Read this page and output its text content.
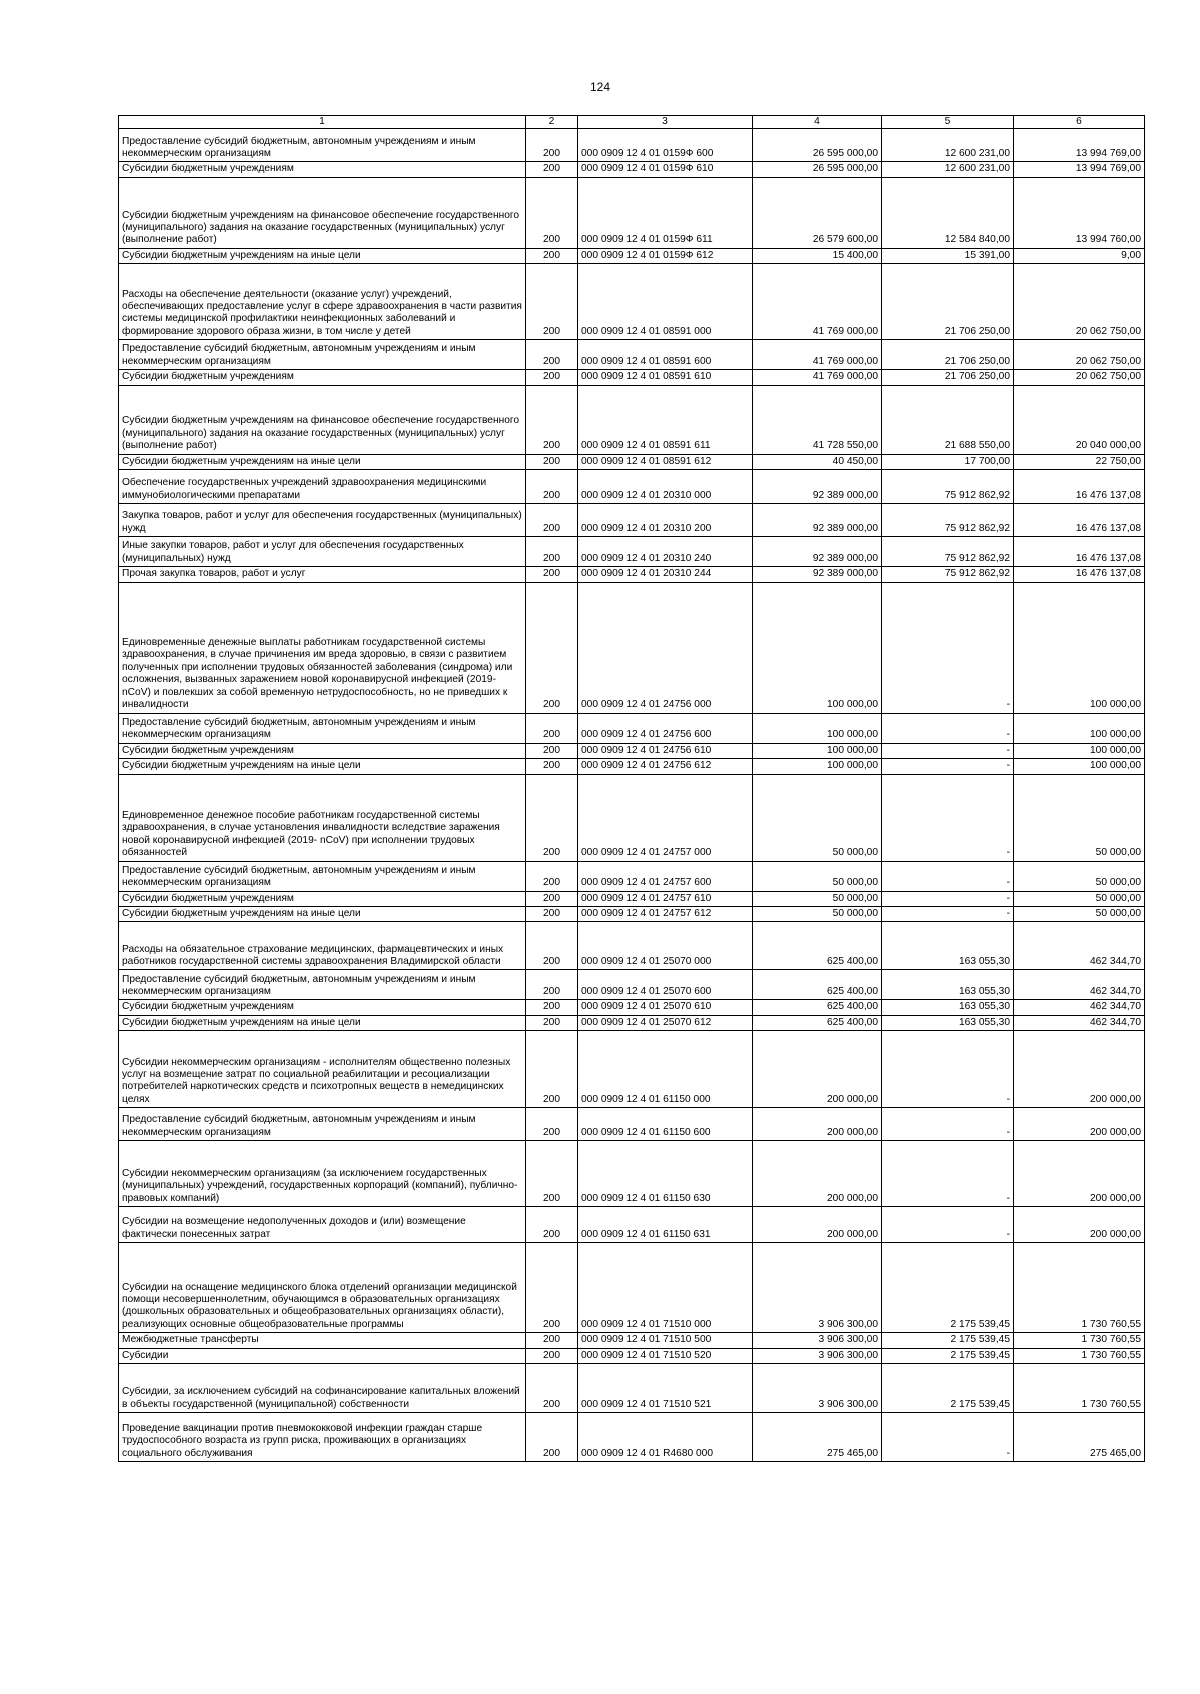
124
1	2	3	4	5	6
Предоставление субсидий бюджетным, автономным учреждениям и иным некоммерческим организациям	200	000 0909 12 4 01 0159Ф 600	26 595 000,00	12 600 231,00	13 994 769,00
Субсидии бюджетным учреждениям	200	000 0909 12 4 01 0159Ф 610	26 595 000,00	12 600 231,00	13 994 769,00
Субсидии бюджетным учреждениям на финансовое обеспечение государственного (муниципального) задания на оказание государственных (муниципальных) услуг (выполнение работ)	200	000 0909 12 4 01 0159Ф 611	26 579 600,00	12 584 840,00	13 994 760,00
Субсидии бюджетным учреждениям на иные цели	200	000 0909 12 4 01 0159Ф 612	15 400,00	15 391,00	9,00
Расходы на обеспечение деятельности (оказание услуг) учреждений, обеспечивающих предоставление услуг в сфере здравоохранения в части развития системы медицинской профилактики неинфекционных заболеваний и формирование здорового образа жизни, в том числе у детей	200	000 0909 12 4 01 08591 000	41 769 000,00	21 706 250,00	20 062 750,00
Предоставление субсидий бюджетным, автономным учреждениям и иным некоммерческим организациям	200	000 0909 12 4 01 08591 600	41 769 000,00	21 706 250,00	20 062 750,00
Субсидии бюджетным учреждениям	200	000 0909 12 4 01 08591 610	41 769 000,00	21 706 250,00	20 062 750,00
Субсидии бюджетным учреждениям на финансовое обеспечение государственного (муниципального) задания на оказание государственных (муниципальных) услуг (выполнение работ)	200	000 0909 12 4 01 08591 611	41 728 550,00	21 688 550,00	20 040 000,00
Субсидии бюджетным учреждениям на иные цели	200	000 0909 12 4 01 08591 612	40 450,00	17 700,00	22 750,00
Обеспечение государственных учреждений здравоохранения медицинскими иммунобиологическими препаратами	200	000 0909 12 4 01 20310 000	92 389 000,00	75 912 862,92	16 476 137,08
Закупка товаров, работ и услуг для обеспечения государственных (муниципальных) нужд	200	000 0909 12 4 01 20310 200	92 389 000,00	75 912 862,92	16 476 137,08
Иные закупки товаров, работ и услуг для обеспечения государственных (муниципальных) нужд	200	000 0909 12 4 01 20310 240	92 389 000,00	75 912 862,92	16 476 137,08
Прочая закупка товаров, работ и услуг	200	000 0909 12 4 01 20310 244	92 389 000,00	75 912 862,92	16 476 137,08
Единовременные денежные выплаты работникам государственной системы здравоохранения, в случае причинения им вреда здоровью, в связи с развитием полученных при исполнении трудовых обязанностей заболевания (синдрома) или осложнения, вызванных заражением новой коронавирусной инфекцией (2019- nCoV) и повлекших за собой временную нетрудоспособность, но не приведших к инвалидности	200	000 0909 12 4 01 24756 000	100 000,00	-	100 000,00
Предоставление субсидий бюджетным, автономным учреждениям и иным некоммерческим организациям	200	000 0909 12 4 01 24756 600	100 000,00	-	100 000,00
Субсидии бюджетным учреждениям	200	000 0909 12 4 01 24756 610	100 000,00	-	100 000,00
Субсидии бюджетным учреждениям на иные цели	200	000 0909 12 4 01 24756 612	100 000,00	-	100 000,00
Единовременное денежное пособие работникам государственной системы здравоохранения, в случае установления инвалидности вследствие заражения новой коронавирусной инфекцией (2019- nCoV) при исполнении трудовых обязанностей	200	000 0909 12 4 01 24757 000	50 000,00	-	50 000,00
Предоставление субсидий бюджетным, автономным учреждениям и иным некоммерческим организациям	200	000 0909 12 4 01 24757 600	50 000,00	-	50 000,00
Субсидии бюджетным учреждениям	200	000 0909 12 4 01 24757 610	50 000,00	-	50 000,00
Субсидии бюджетным учреждениям на иные цели	200	000 0909 12 4 01 24757 612	50 000,00	-	50 000,00
Расходы на обязательное страхование медицинских, фармацевтических и иных работников государственной системы здравоохранения Владимирской области	200	000 0909 12 4 01 25070 000	625 400,00	163 055,30	462 344,70
Предоставление субсидий бюджетным, автономным учреждениям и иным некоммерческим организациям	200	000 0909 12 4 01 25070 600	625 400,00	163 055,30	462 344,70
Субсидии бюджетным учреждениям	200	000 0909 12 4 01 25070 610	625 400,00	163 055,30	462 344,70
Субсидии бюджетным учреждениям на иные цели	200	000 0909 12 4 01 25070 612	625 400,00	163 055,30	462 344,70
Субсидии некоммерческим организациям - исполнителям общественно полезных услуг на возмещение затрат по социальной реабилитации и ресоциализации потребителей наркотических средств и психотропных веществ в немедицинских целях	200	000 0909 12 4 01 61150 000	200 000,00	-	200 000,00
Предоставление субсидий бюджетным, автономным учреждениям и иным некоммерческим организациям	200	000 0909 12 4 01 61150 600	200 000,00	-	200 000,00
Субсидии некоммерческим организациям (за исключением государственных (муниципальных) учреждений, государственных корпораций (компаний), публично-правовых компаний)	200	000 0909 12 4 01 61150 630	200 000,00	-	200 000,00
Субсидии на возмещение недополученных доходов и (или) возмещение фактически понесенных затрат	200	000 0909 12 4 01 61150 631	200 000,00	-	200 000,00
Субсидии на оснащение медицинского блока отделений организации медицинской помощи несовершеннолетним, обучающимся в образовательных организациях (дошкольных образовательных и общеобразовательных организациях области), реализующих основные общеобразовательные программы	200	000 0909 12 4 01 71510 000	3 906 300,00	2 175 539,45	1 730 760,55
Межбюджетные трансферты	200	000 0909 12 4 01 71510 500	3 906 300,00	2 175 539,45	1 730 760,55
Субсидии	200	000 0909 12 4 01 71510 520	3 906 300,00	2 175 539,45	1 730 760,55
Субсидии, за исключением субсидий на софинансирование капитальных вложений в объекты государственной (муниципальной) собственности	200	000 0909 12 4 01 71510 521	3 906 300,00	2 175 539,45	1 730 760,55
Проведение вакцинации против пневмококковой инфекции граждан старше трудоспособного возраста из групп риска, проживающих в организациях социального обслуживания	200	000 0909 12 4 01 R4680 000	275 465,00	-	275 465,00
